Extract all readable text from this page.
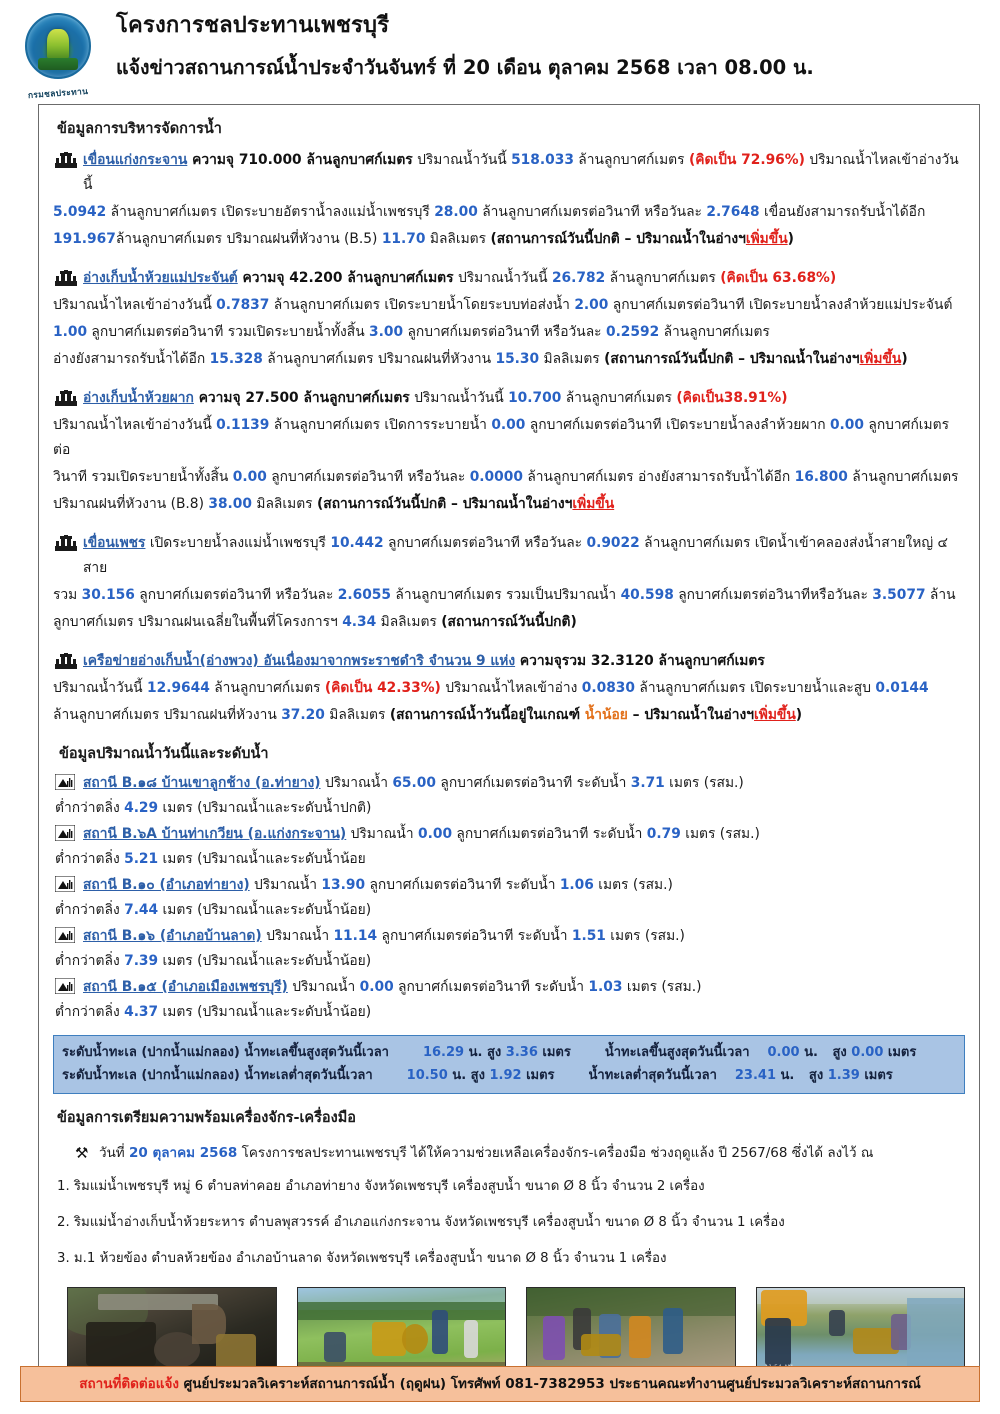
กรมชลประทาน
โครงการชลประทานเพชรบุรี
แจ้งข่าวสถานการณ์น้ำประจำวันจันทร์ ที่ 20 เดือน ตุลาคม 2568 เวลา 08.00 น.
ข้อมูลการบริหารจัดการน้ำ
เขื่อนแก่งกระจาน ความจุ 710.000 ล้านลูกบาศก์เมตร ปริมาณน้ำวันนี้ 518.033 ล้านลูกบาศก์เมตร (คิดเป็น 72.96%) ปริมาณน้ำไหลเข้าอ่างวันนี้
5.0942 ล้านลูกบาศก์เมตร เปิดระบายอัตราน้ำลงแม่น้ำเพชรบุรี 28.00 ล้านลูกบาศก์เมตรต่อวินาที หรือวันละ 2.7648 เขื่อนยังสามารถรับน้ำได้อีก
191.967ล้านลูกบาศก์เมตร ปริมาณฝนที่หัวงาน (B.5) 11.70 มิลลิเมตร (สถานการณ์วันนี้ปกติ – ปริมาณน้ำในอ่างฯเพิ่มขึ้น)
อ่างเก็บน้ำห้วยแม่ประจันต์ ความจุ 42.200 ล้านลูกบาศก์เมตร ปริมาณน้ำวันนี้ 26.782 ล้านลูกบาศก์เมตร (คิดเป็น 63.68%)
ปริมาณน้ำไหลเข้าอ่างวันนี้ 0.7837 ล้านลูกบาศก์เมตร เปิดระบายน้ำโดยระบบท่อส่งน้ำ 2.00 ลูกบาศก์เมตรต่อวินาที เปิดระบายน้ำลงลำห้วยแม่ประจันต์
1.00 ลูกบาศก์เมตรต่อวินาที รวมเปิดระบายน้ำทั้งสิ้น 3.00 ลูกบาศก์เมตรต่อวินาที หรือวันละ 0.2592 ล้านลูกบาศก์เมตร
อ่างยังสามารถรับน้ำได้อีก 15.328 ล้านลูกบาศก์เมตร ปริมาณฝนที่หัวงาน 15.30 มิลลิเมตร (สถานการณ์วันนี้ปกติ – ปริมาณน้ำในอ่างฯเพิ่มขึ้น)
อ่างเก็บน้ำห้วยผาก ความจุ 27.500 ล้านลูกบาศก์เมตร ปริมาณน้ำวันนี้ 10.700 ล้านลูกบาศก์เมตร (คิดเป็น38.91%)
ปริมาณน้ำไหลเข้าอ่างวันนี้ 0.1139 ล้านลูกบาศก์เมตร เปิดการระบายน้ำ 0.00 ลูกบาศก์เมตรต่อวินาที เปิดระบายน้ำลงลำห้วยผาก 0.00 ลูกบาศก์เมตรต่อ
วินาที รวมเปิดระบายน้ำทั้งสิ้น 0.00 ลูกบาศก์เมตรต่อวินาที หรือวันละ 0.0000 ล้านลูกบาศก์เมตร อ่างยังสามารถรับน้ำได้อีก 16.800 ล้านลูกบาศก์เมตร
ปริมาณฝนที่หัวงาน (B.8) 38.00 มิลลิเมตร (สถานการณ์วันนี้ปกติ – ปริมาณน้ำในอ่างฯเพิ่มขึ้น
เขื่อนเพชร เปิดระบายน้ำลงแม่น้ำเพชรบุรี 10.442 ลูกบาศก์เมตรต่อวินาที หรือวันละ 0.9022 ล้านลูกบาศก์เมตร เปิดน้ำเข้าคลองส่งน้ำสายใหญ่ ๔ สาย
รวม 30.156 ลูกบาศก์เมตรต่อวินาที หรือวันละ 2.6055 ล้านลูกบาศก์เมตร รวมเป็นปริมาณน้ำ 40.598 ลูกบาศก์เมตรต่อวินาทีหรือวันละ 3.5077 ล้าน
ลูกบาศก์เมตร ปริมาณฝนเฉลี่ยในพื้นที่โครงการฯ 4.34 มิลลิเมตร (สถานการณ์วันนี้ปกติ)
เครือข่ายอ่างเก็บน้ำ(อ่างพวง) อันเนื่องมาจากพระราชดำริ จำนวน 9 แห่ง ความจุรวม 32.3120 ล้านลูกบาศก์เมตร
ปริมาณน้ำวันนี้ 12.9644 ล้านลูกบาศก์เมตร (คิดเป็น 42.33%) ปริมาณน้ำไหลเข้าอ่าง 0.0830 ล้านลูกบาศก์เมตร เปิดระบายน้ำและสูบ 0.0144
ล้านลูกบาศก์เมตร ปริมาณฝนที่หัวงาน 37.20 มิลลิเมตร (สถานการณ์น้ำวันนี้อยู่ในเกณฑ์ น้ำน้อย – ปริมาณน้ำในอ่างฯเพิ่มขึ้น)
ข้อมูลปริมาณน้ำวันนี้และระดับน้ำ
สถานี B.๑๘ บ้านเขาลูกช้าง (อ.ท่ายาง) ปริมาณน้ำ 65.00 ลูกบาศก์เมตรต่อวินาที ระดับน้ำ 3.71 เมตร (รสม.)
ต่ำกว่าตลิ่ง 4.29 เมตร (ปริมาณน้ำและระดับน้ำปกติ)
สถานี B.๖A บ้านท่าเกวียน (อ.แก่งกระจาน) ปริมาณน้ำ 0.00 ลูกบาศก์เมตรต่อวินาที ระดับน้ำ 0.79 เมตร (รสม.)
ต่ำกว่าตลิ่ง 5.21 เมตร (ปริมาณน้ำและระดับน้ำน้อย
สถานี B.๑๐ (อำเภอท่ายาง) ปริมาณน้ำ 13.90 ลูกบาศก์เมตรต่อวินาที ระดับน้ำ 1.06 เมตร (รสม.)
ต่ำกว่าตลิ่ง 7.44 เมตร (ปริมาณน้ำและระดับน้ำน้อย)
สถานี B.๑๖ (อำเภอบ้านลาด) ปริมาณน้ำ 11.14 ลูกบาศก์เมตรต่อวินาที ระดับน้ำ 1.51 เมตร (รสม.)
ต่ำกว่าตลิ่ง 7.39 เมตร (ปริมาณน้ำและระดับน้ำน้อย)
สถานี B.๑๕ (อำเภอเมืองเพชรบุรี) ปริมาณน้ำ 0.00 ลูกบาศก์เมตรต่อวินาที ระดับน้ำ 1.03 เมตร (รสม.)
ต่ำกว่าตลิ่ง 4.37 เมตร (ปริมาณน้ำและระดับน้ำน้อย)
ระดับน้ำทะเล (ปากน้ำแม่กลอง) น้ำทะเลขึ้นสูงสุดวันนี้เวลา	16.29 น. สูง 3.36 เมตร	น้ำทะเลขึ้นสูงสุดวันนี้เวลา 0.00 น. สูง 0.00 เมตร
ระดับน้ำทะเล (ปากน้ำแม่กลอง) น้ำทะเลต่ำสุดวันนี้เวลา	10.50 น. สูง 1.92 เมตร	น้ำทะเลต่ำสุดวันนี้เวลา 23.41 น. สูง 1.39 เมตร
ข้อมูลการเตรียมความพร้อมเครื่องจักร-เครื่องมือ
⚒ วันที่ 20 ตุลาคม 2568 โครงการชลประทานเพชรบุรี ได้ให้ความช่วยเหลือเครื่องจักร-เครื่องมือ ช่วงฤดูแล้ง ปี 2567/68 ซึ่งได้ ลงไว้ ณ
1. ริมแม่น้ำเพชรบุรี หมู่ 6 ตำบลท่าคอย อำเภอท่ายาง จังหวัดเพชรบุรี เครื่องสูบน้ำ ขนาด Ø 8 นิ้ว จำนวน 2 เครื่อง
2. ริมแม่น้ำอ่างเก็บน้ำห้วยระหาร ตำบลพุสวรรค์ อำเภอแก่งกระจาน จังหวัดเพชรบุรี เครื่องสูบน้ำ ขนาด Ø 8 นิ้ว จำนวน 1 เครื่อง
3. ม.1 ห้วยข้อง ตำบลห้วยข้อง อำเภอบ้านลาด จังหวัดเพชรบุรี เครื่องสูบน้ำ ขนาด Ø 8 นิ้ว จำนวน 1 เครื่อง
สถานที่ติดต่อแจ้ง ศูนย์ประมวลวิเคราะห์สถานการณ์น้ำ (ฤดูฝน) โทรศัพท์ 081-7382953 ประธานคณะทำงานศูนย์ประมวลวิเคราะห์สถานการณ์
